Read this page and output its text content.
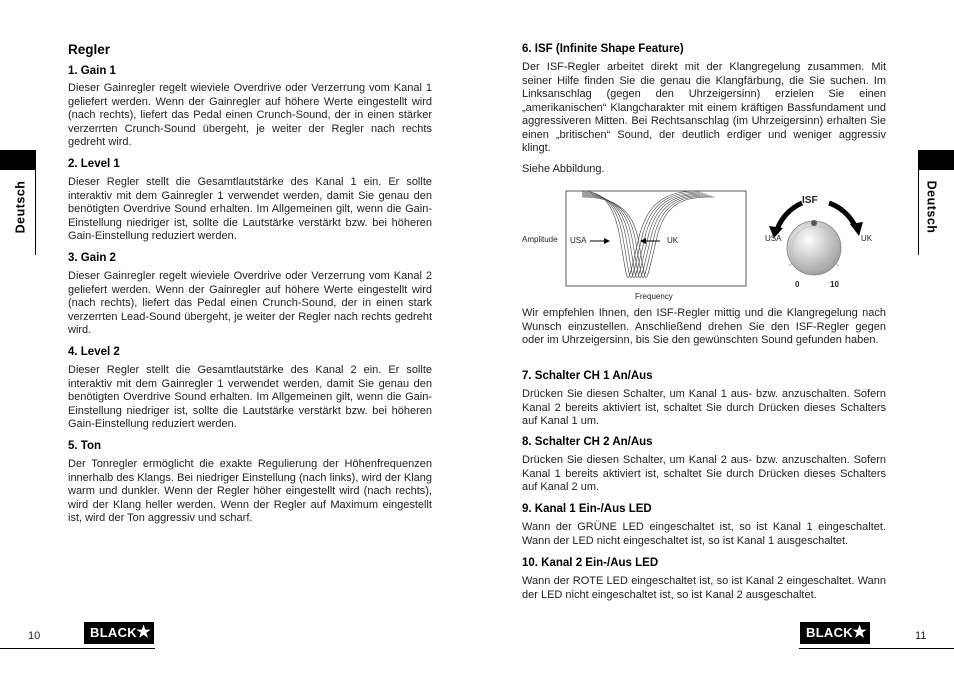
Regler
1. Gain 1
Dieser Gainregler regelt wieviele Overdrive oder Verzerrung vom Kanal 1 geliefert werden. Wenn der Gainregler auf höhere Werte eingestellt wird (nach rechts), liefert das Pedal einen Crunch-Sound, der in einen stärker verzerrten Crunch-Sound übergeht, je weiter der Regler nach rechts gedreht wird.
2. Level 1
Dieser Regler stellt die Gesamtlautstärke des Kanal 1 ein. Er sollte interaktiv mit dem Gainregler 1 verwendet werden, damit Sie genau den benötigten Overdrive Sound erhalten. Im Allgemeinen gilt, wenn die Gain-Einstellung niedriger ist, sollte die Lautstärke verstärkt bzw. bei höheren Gain-Einstellung reduziert werden.
3. Gain 2
Dieser Gainregler regelt wieviele Overdrive oder Verzerrung vom Kanal 2 geliefert werden. Wenn der Gainregler auf höhere Werte eingestellt wird (nach rechts), liefert das Pedal einen Crunch-Sound, der in einen stark verzerrten Lead-Sound übergeht, je weiter der Regler nach rechts gedreht wird.
4. Level 2
Dieser Regler stellt die Gesamtlautstärke des Kanal 2 ein. Er sollte interaktiv mit dem Gainregler 1 verwendet werden, damit Sie genau den benötigten Overdrive Sound erhalten. Im Allgemeinen gilt, wenn die Gain-Einstellung niedriger ist, sollte die Lautstärke verstärkt bzw. bei höheren Gain-Einstellung reduziert werden.
5. Ton
Der Tonregler ermöglicht die exakte Regulierung der Höhenfrequenzen innerhalb des Klangs. Bei niedriger Einstellung (nach links), wird der Klang warm und dunkler. Wenn der Regler höher eingestellt wird (nach rechts), wird der Klang heller werden. Wenn der Regler auf Maximum eingestellt ist, wird der Ton aggressiv und scharf.
Deutsch
10	BLACK ★
6. ISF (Infinite Shape Feature)
Der ISF-Regler arbeitet direkt mit der Klangregelung zusammen. Mit seiner Hilfe finden Sie die genau die Klangfärbung, die Sie suchen. Im Linksanschlag (gegen den Uhrzeigersinn) erzielen Sie einen „amerikanischen“ Klangcharakter mit einem kräftigen Bassfundament und aggressiveren Mitten. Bei Rechtsanschlag (im Uhrzeigersinn) erhalten Sie einen „britischen“ Sound, der deutlich erdiger und weniger aggressiv klingt.
Siehe Abbildung.
Amplitude USA	UK
Frequency
ISF
USA	UK
0	10
Wir empfehlen Ihnen, den ISF-Regler mittig und die Klangregelung nach Wunsch einzustellen. Anschließend drehen Sie den ISF-Regler gegen oder im Uhrzeigersinn, bis Sie den gewünschten Sound gefunden haben.
7. Schalter CH 1 An/Aus
Drücken Sie diesen Schalter, um Kanal 1 aus- bzw. anzuschalten. Sofern Kanal 2 bereits aktiviert ist, schaltet Sie durch Drücken dieses Schalters auf Kanal 1 um.
8. Schalter CH 2 An/Aus
Drücken Sie diesen Schalter, um Kanal 2 aus- bzw. anzuschalten. Sofern Kanal 1 bereits aktiviert ist, schaltet Sie durch Drücken dieses Schalters auf Kanal 2 um.
9. Kanal 1 Ein-/Aus LED
Wann der GRÜNE LED eingeschaltet ist, so ist Kanal 1 eingeschaltet. Wann der LED nicht eingeschaltet ist, so ist Kanal 1 ausgeschaltet.
10. Kanal 2 Ein-/Aus LED
Wann der ROTE LED eingeschaltet ist, so ist Kanal 2 eingeschaltet. Wann der LED nicht eingeschaltet ist, so ist Kanal 2 ausgeschaltet.
Deutsch
BLACK ★	11
